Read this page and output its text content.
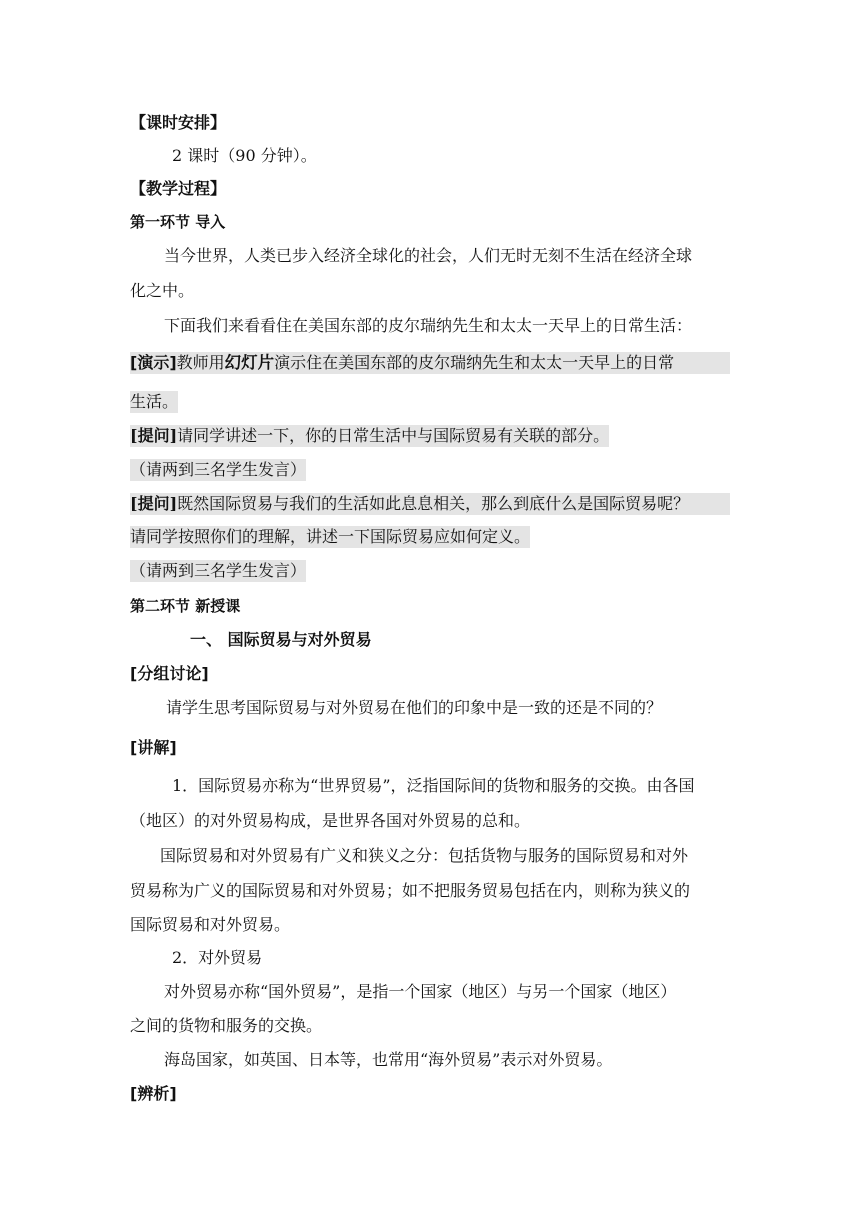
【课时安排】
2 课时（90 分钟）。
【教学过程】
第一环节 导入
当今世界，人类已步入经济全球化的社会，人们无时无刻不生活在经济全球
化之中。
下面我们来看看住在美国东部的皮尔瑞纳先生和太太一天早上的日常生活：
[演示]教师用幻灯片演示住在美国东部的皮尔瑞纳先生和太太一天早上的日常
生活。
[提问]请同学讲述一下，你的日常生活中与国际贸易有关联的部分。
（请两到三名学生发言）
[提问]既然国际贸易与我们的生活如此息息相关，那么到底什么是国际贸易呢？
请同学按照你们的理解，讲述一下国际贸易应如何定义。
（请两到三名学生发言）
第二环节 新授课
一、 国际贸易与对外贸易
[分组讨论]
请学生思考国际贸易与对外贸易在他们的印象中是一致的还是不同的？
[讲解]
1．国际贸易亦称为“世界贸易”，泛指国际间的货物和服务的交换。由各国
（地区）的对外贸易构成，是世界各国对外贸易的总和。
国际贸易和对外贸易有广义和狭义之分：包括货物与服务的国际贸易和对外
贸易称为广义的国际贸易和对外贸易；如不把服务贸易包括在内，则称为狭义的
国际贸易和对外贸易。
2．对外贸易
对外贸易亦称“国外贸易”，是指一个国家（地区）与另一个国家（地区）
之间的货物和服务的交换。
海岛国家，如英国、日本等，也常用“海外贸易”表示对外贸易。
[辨析]
